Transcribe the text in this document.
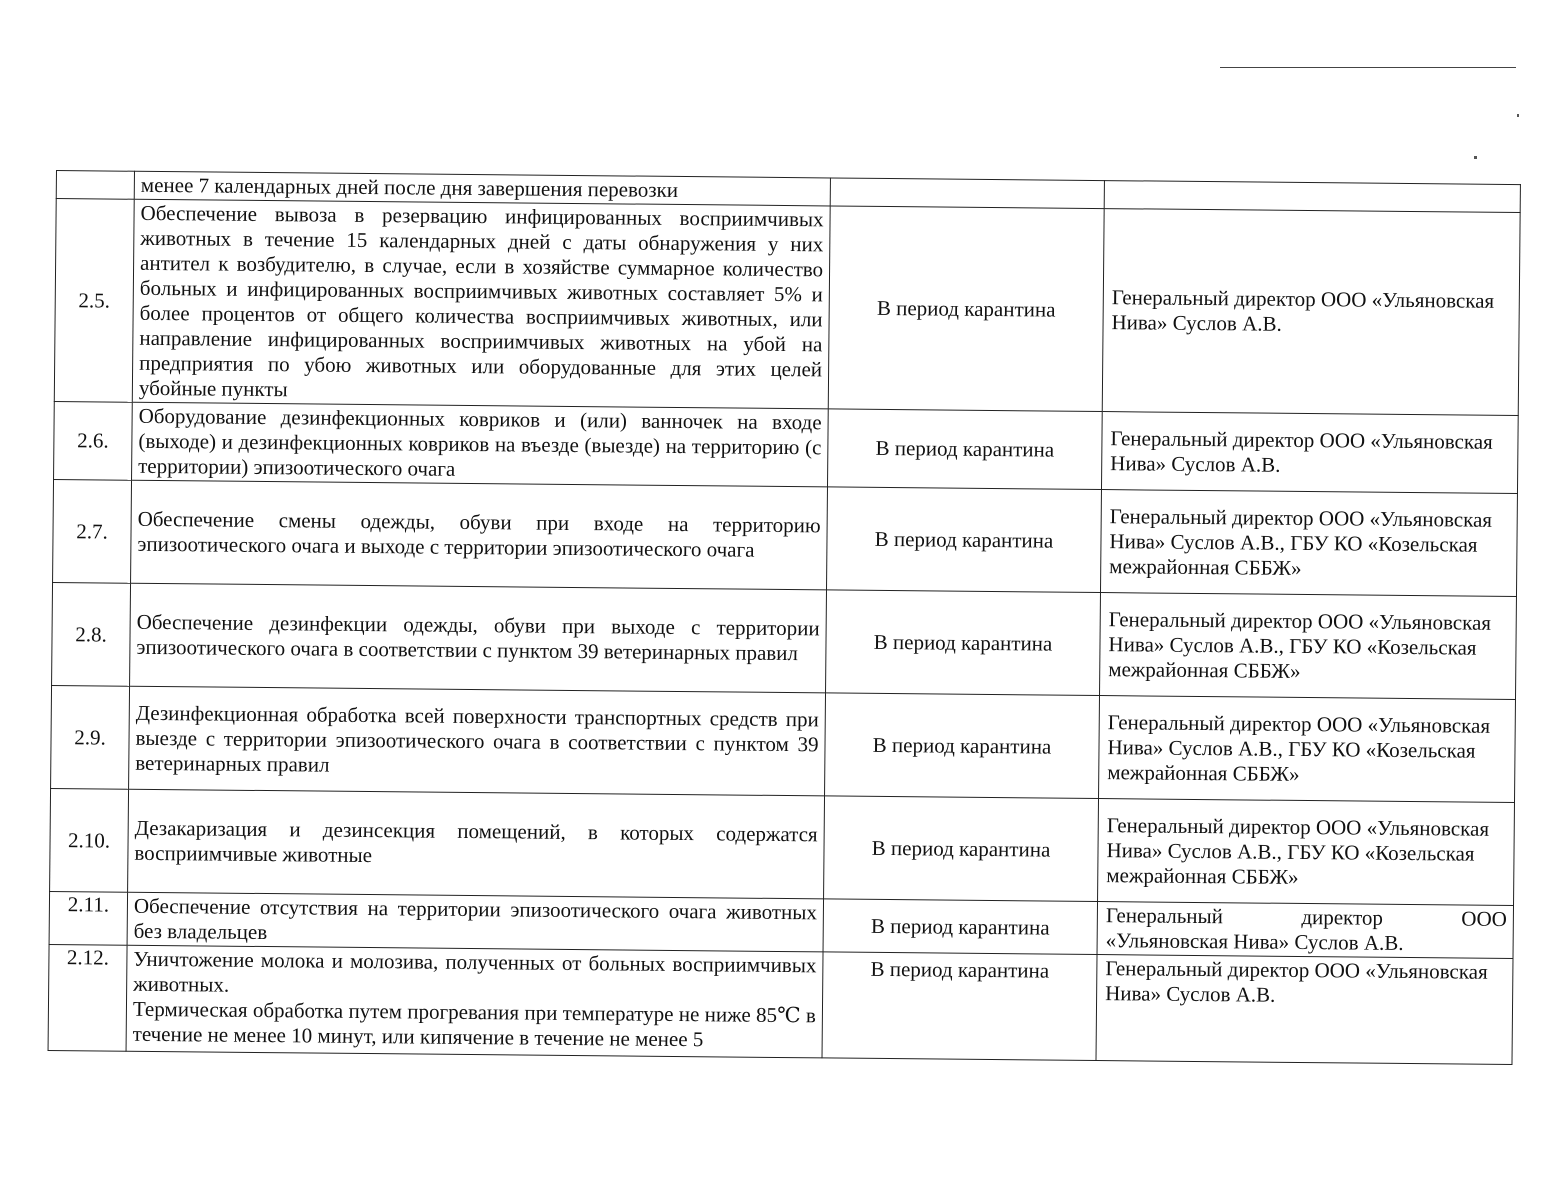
	менее 7 календарных дней после дня завершения перевозки		
2.5.	Обеспечение вывоза в резервацию инфицированных восприимчивых животных в течение 15 календарных дней с даты обнаружения у них антител к возбудителю, в случае, если в хозяйстве суммарное количество больных и инфицированных восприимчивых животных составляет 5% и более процентов от общего количества восприимчивых животных, или направление инфицированных восприимчивых животных на убой на предприятия по убою животных или оборудованные для этих целей убойные пункты	В период карантина	Генеральный директор ООО «Ульяновская Нива» Суслов А.В.
2.6.	Оборудование дезинфекционных ковриков и (или) ванночек на входе (выходе) и дезинфекционных ковриков на въезде (выезде) на территорию (с территории) эпизоотического очага	В период карантина	Генеральный директор ООО «Ульяновская Нива» Суслов А.В.
2.7.	Обеспечение смены одежды, обуви при входе на территорию эпизоотического очага и выходе с территории эпизоотического очага	В период карантина	Генеральный директор ООО «Ульяновская Нива» Суслов А.В., ГБУ КО «Козельская межрайонная СББЖ»
2.8.	Обеспечение дезинфекции одежды, обуви при выходе с территории эпизоотического очага в соответствии с пунктом 39 ветеринарных правил	В период карантина	Генеральный директор ООО «Ульяновская Нива» Суслов А.В., ГБУ КО «Козельская межрайонная СББЖ»
2.9.	Дезинфекционная обработка всей поверхности транспортных средств при выезде с территории эпизоотического очага в соответствии с пунктом 39 ветеринарных правил	В период карантина	Генеральный директор ООО «Ульяновская Нива» Суслов А.В., ГБУ КО «Козельская межрайонная СББЖ»
2.10.	Дезакаризация и дезинсекция помещений, в которых содержатся восприимчивые животные	В период карантина	Генеральный директор ООО «Ульяновская Нива» Суслов А.В., ГБУ КО «Козельская межрайонная СББЖ»
2.11.	Обеспечение отсутствия на территории эпизоотического очага животных без владельцев	В период карантина	Генеральный директор ООО
«Ульяновская Нива» Суслов А.В.

2.12.	Уничтожение молока и молозива, полученных от больных восприимчивых животных.
Термическая обработка путем прогревания при температуре не ниже 85℃ в течение не менее 10 минут, или кипячение в течение не менее 5	В период карантина	Генеральный директор ООО «Ульяновская Нива» Суслов А.В.
